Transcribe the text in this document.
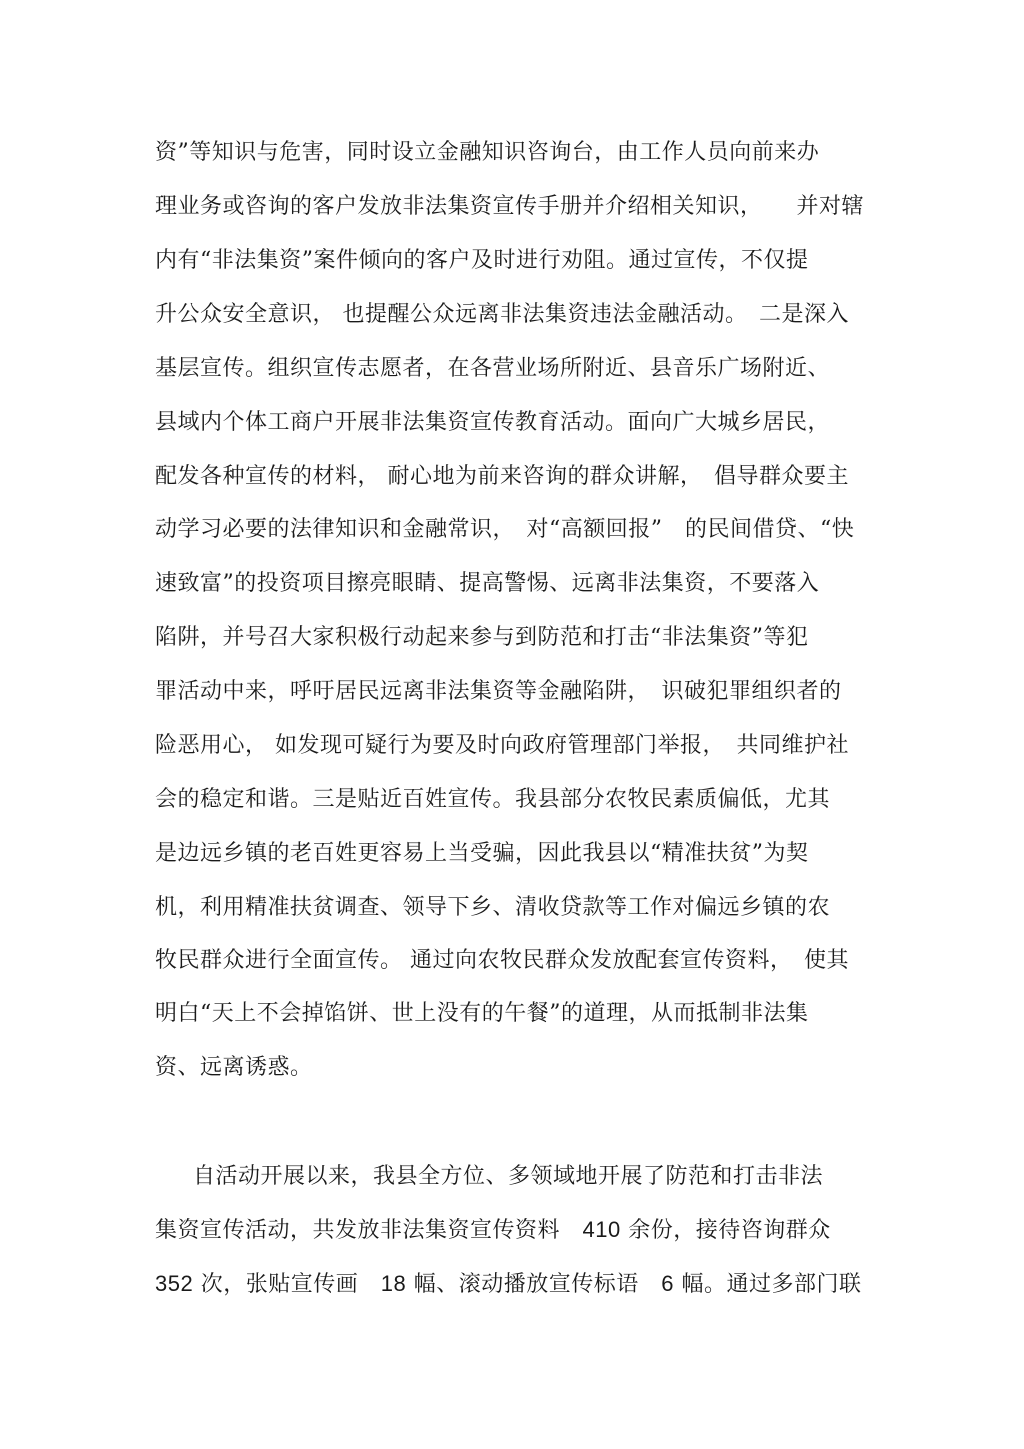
资”等知识与危害，同时设立金融知识咨询台，由工作人员向前来办
理业务或咨询的客户发放非法集资宣传手册并介绍相关知识，　　并对辖
内有“非法集资”案件倾向的客户及时进行劝阻。通过宣传，不仅提
升公众安全意识， 也提醒公众远离非法集资违法金融活动。　二是深入
基层宣传。组织宣传志愿者，在各营业场所附近、县音乐广场附近、
县域内个体工商户开展非法集资宣传教育活动。面向广大城乡居民，
配发各种宣传的材料， 耐心地为前来咨询的群众讲解，　倡导群众要主
动学习必要的法律知识和金融常识，　对“高额回报”　的民间借贷、“快
速致富”的投资项目擦亮眼睛、提高警惕、远离非法集资，不要落入
陷阱，并号召大家积极行动起来参与到防范和打击“非法集资”等犯
罪活动中来，呼吁居民远离非法集资等金融陷阱，　识破犯罪组织者的
险恶用心， 如发现可疑行为要及时向政府管理部门举报，　共同维护社
会的稳定和谐。三是贴近百姓宣传。我县部分农牧民素质偏低，尤其
是边远乡镇的老百姓更容易上当受骗，因此我县以“精准扶贫”为契
机，利用精准扶贫调查、领导下乡、清收贷款等工作对偏远乡镇的农
牧民群众进行全面宣传。 通过向农牧民群众发放配套宣传资料，　使其
明白“天上不会掉馅饼、世上没有的午餐”的道理，从而抵制非法集
资、远离诱惑。
自活动开展以来，我县全方位、多领域地开展了防范和打击非法
集资宣传活动，共发放非法集资宣传资料　410 余份，接待咨询群众
352 次，张贴宣传画　18 幅、滚动播放宣传标语　6 幅。通过多部门联
